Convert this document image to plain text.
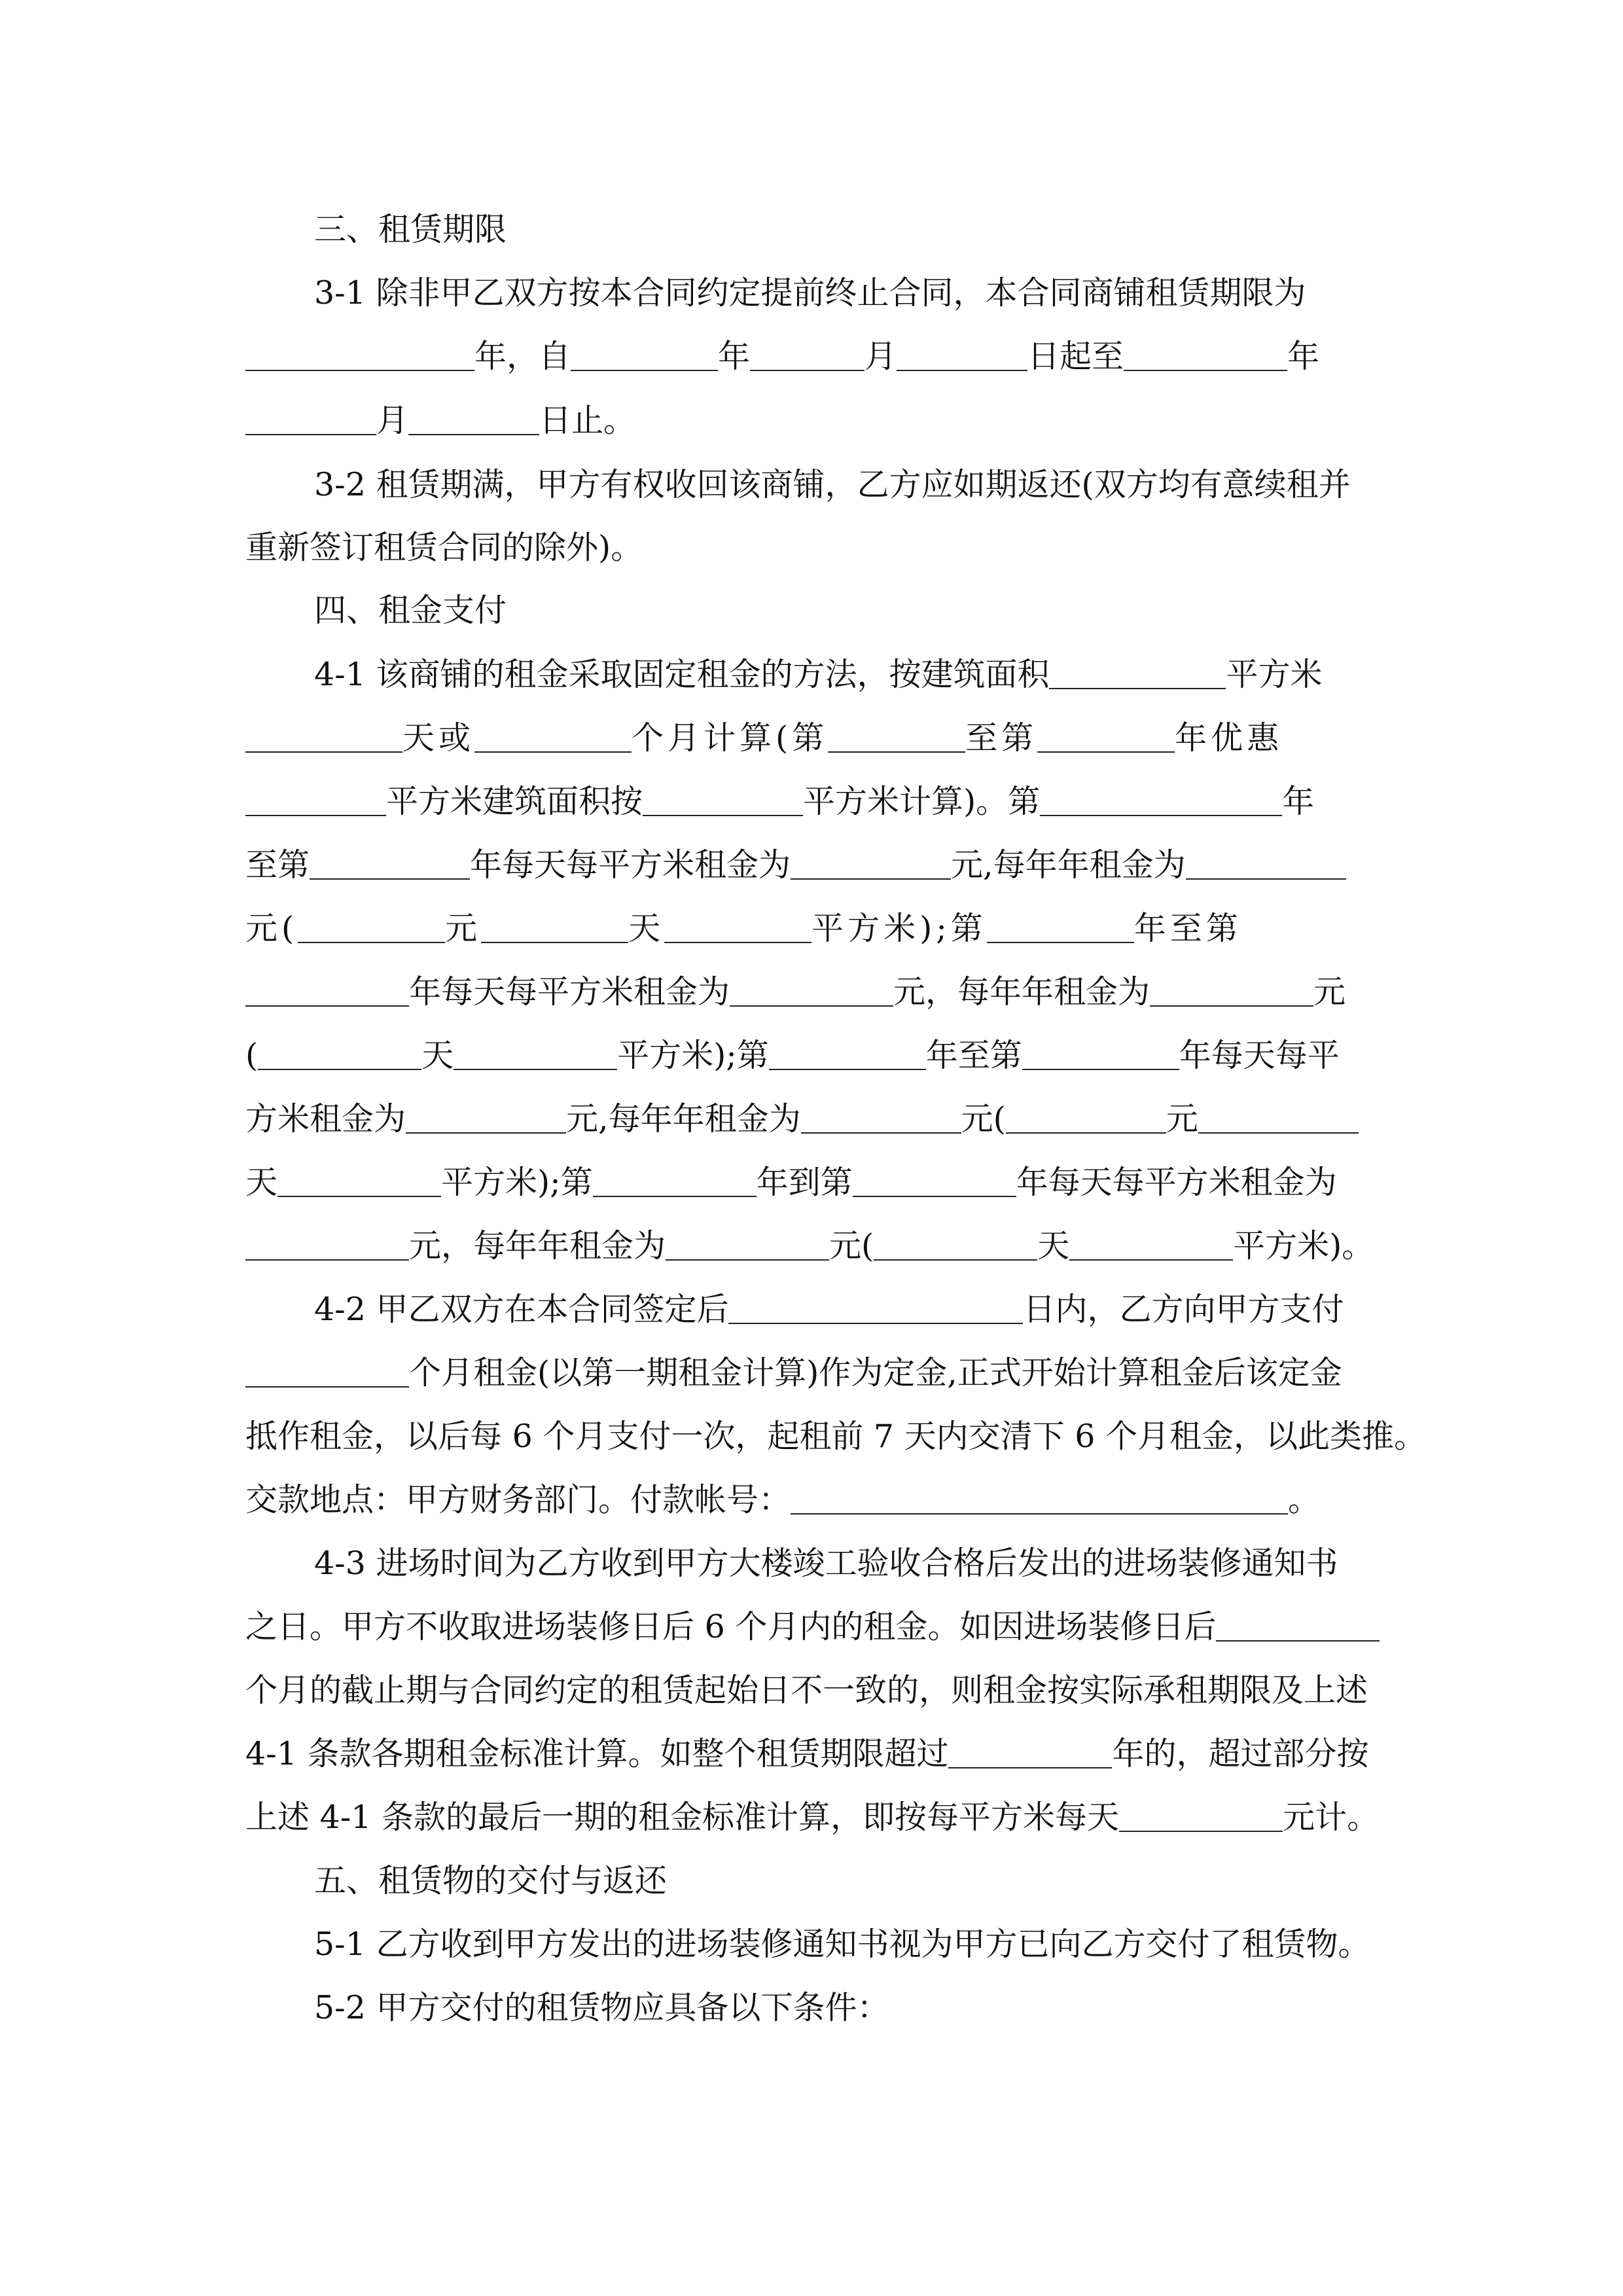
三、租赁期限
3-1 除非甲乙双方按本合同约定提前终止合同，本合同商铺租赁期限为
年，自	年	月	日起至	年
月	日止。
3-2 租赁期满，甲方有权收回该商铺，乙方应如期返还(双方均有意续租并
重新签订租赁合同的除外)。
四、租金支付
4-1 该商铺的租金采取固定租金的方法，按建筑面积	平方米
天或	个月计算(第	至第	年优惠
平方米建筑面积按	平方米计算)。第	年
至第	年每天每平方米租金为	元,每年年租金为
元(	元	天	平方米);第	年至第
年每天每平方米租金为	元，每年年租金为	元
(	天	平方米);第	年至第	年每天每平
方米租金为	元,每年年租金为	元(	元
天	平方米);第	年到第	年每天每平方米租金为
元，每年年租金为	元(	天	平方米)。
4-2 甲乙双方在本合同签定后	日内，乙方向甲方支付
个月租金(以第一期租金计算)作为定金,正式开始计算租金后该定金
抵作租金，以后每 6 个月支付一次，起租前 7 天内交清下 6 个月租金，以此类推。
交款地点：甲方财务部门。付款帐号：	。
4-3 进场时间为乙方收到甲方大楼竣工验收合格后发出的进场装修通知书
之日。甲方不收取进场装修日后 6 个月内的租金。如因进场装修日后
个月的截止期与合同约定的租赁起始日不一致的，则租金按实际承租期限及上述
4-1 条款各期租金标准计算。如整个租赁期限超过	年的，超过部分按
上述 4-1 条款的最后一期的租金标准计算，即按每平方米每天	元计。
五、租赁物的交付与返还
5-1 乙方收到甲方发出的进场装修通知书视为甲方已向乙方交付了租赁物。
5-2 甲方交付的租赁物应具备以下条件：
